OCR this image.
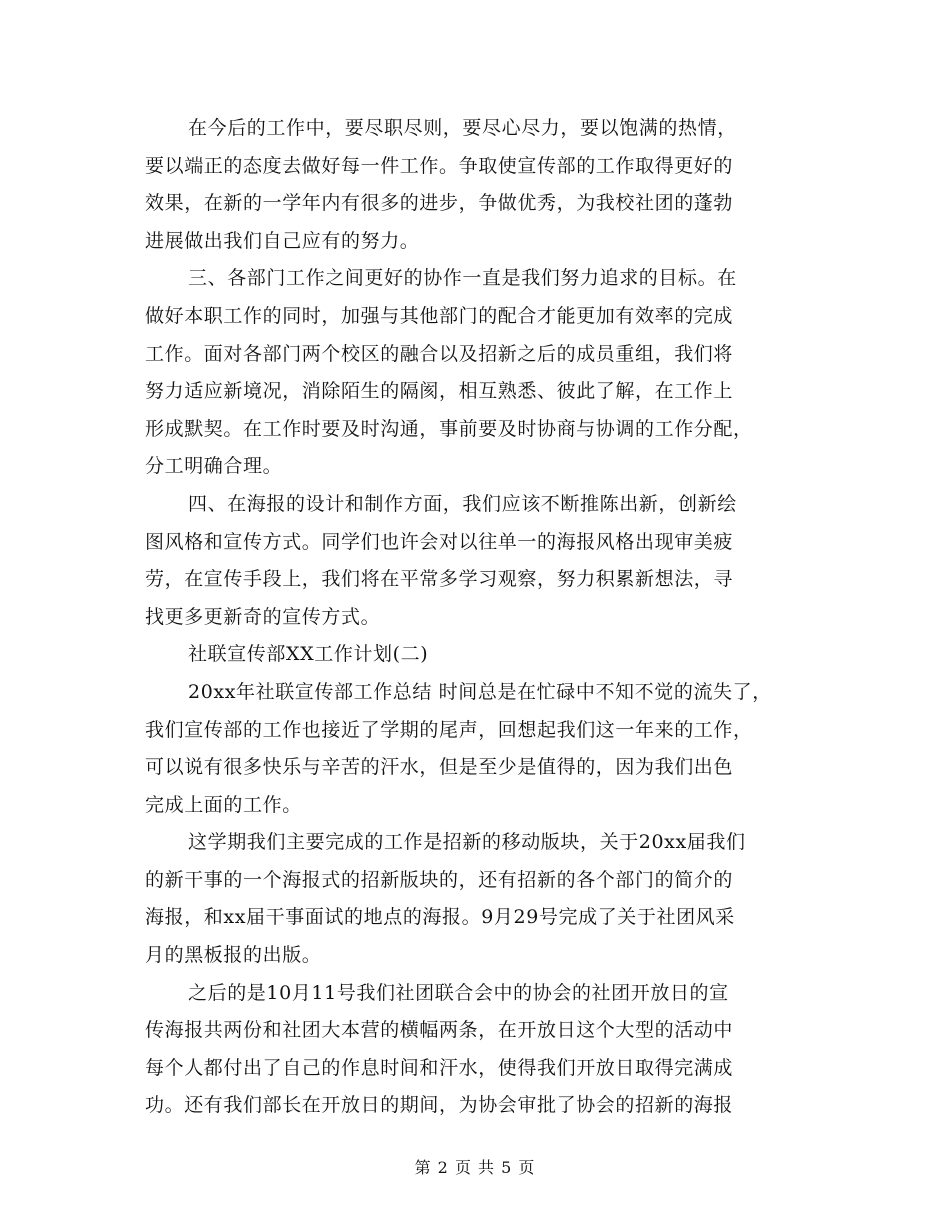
在今后的工作中，要尽职尽则，要尽心尽力，要以饱满的热情，
要以端正的态度去做好每一件工作。争取使宣传部的工作取得更好的
效果，在新的一学年内有很多的进步，争做优秀，为我校社团的蓬勃
进展做出我们自己应有的努力。
三、各部门工作之间更好的协作一直是我们努力追求的目标。在
做好本职工作的同时，加强与其他部门的配合才能更加有效率的完成
工作。面对各部门两个校区的融合以及招新之后的成员重组，我们将
努力适应新境况，消除陌生的隔阂，相互熟悉、彼此了解，在工作上
形成默契。在工作时要及时沟通，事前要及时协商与协调的工作分配，
分工明确合理。
四、在海报的设计和制作方面，我们应该不断推陈出新，创新绘
图风格和宣传方式。同学们也许会对以往单一的海报风格出现审美疲
劳，在宣传手段上，我们将在平常多学习观察，努力积累新想法，寻
找更多更新奇的宣传方式。
社联宣传部XX工作计划(二)
20xx年社联宣传部工作总结 时间总是在忙碌中不知不觉的流失了，
我们宣传部的工作也接近了学期的尾声，回想起我们这一年来的工作，
可以说有很多快乐与辛苦的汗水，但是至少是值得的，因为我们出色
完成上面的工作。
这学期我们主要完成的工作是招新的移动版块，关于20xx届我们
的新干事的一个海报式的招新版块的，还有招新的各个部门的简介的
海报，和xx届干事面试的地点的海报。9月29号完成了关于社团风采
月的黑板报的出版。
之后的是10月11号我们社团联合会中的协会的社团开放日的宣
传海报共两份和社团大本营的横幅两条，在开放日这个大型的活动中
每个人都付出了自己的作息时间和汗水，使得我们开放日取得完满成
功。还有我们部长在开放日的期间，为协会审批了协会的招新的海报
第 2 页 共 5 页
